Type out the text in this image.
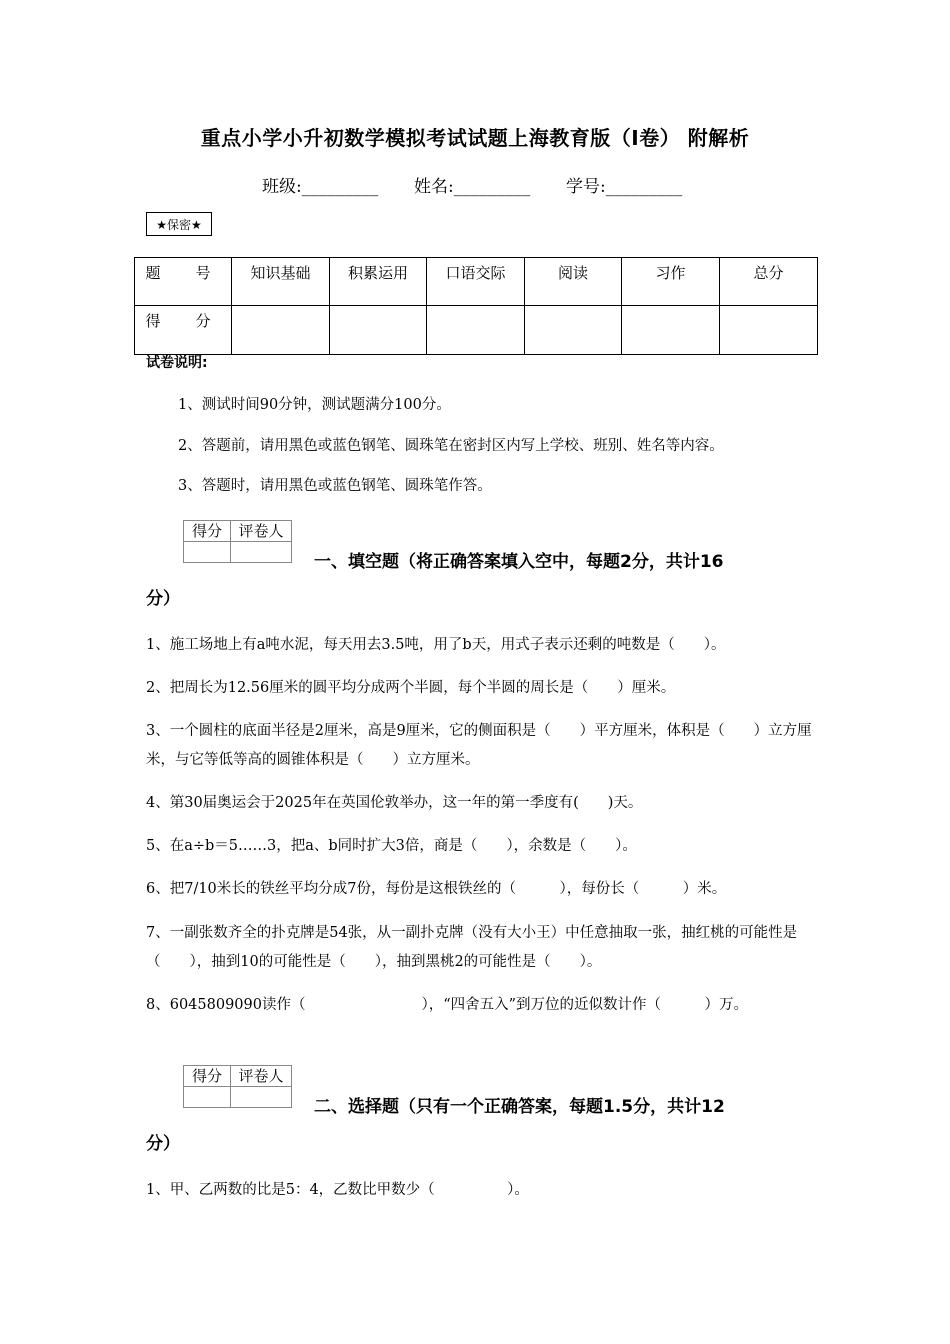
重点小学小升初数学模拟考试试题上海教育版（I卷） 附解析
班级:_________ 姓名:_________ 学号:_________
★保密★
题　号	知识基础	积累运用	口语交际	阅读	习作	总分
得　分						
试卷说明:
1、测试时间90分钟，测试题满分100分。
2、答题前，请用黑色或蓝色钢笔、圆珠笔在密封区内写上学校、班别、姓名等内容。
3、答题时，请用黑色或蓝色钢笔、圆珠笔作答。
得分	评卷人

一、填空题（将正确答案填入空中，每题2分，共计16
分）
1、施工场地上有a吨水泥，每天用去3.5吨，用了b天，用式子表示还剩的吨数是（　　）。
2、把周长为12.56厘米的圆平均分成两个半圆，每个半圆的周长是（　　）厘米。
3、一个圆柱的底面半径是2厘米，高是9厘米，它的侧面积是（　　）平方厘米，体积是（　　）立方厘米，与它等低等高的圆锥体积是（　　）立方厘米。
4、第30届奥运会于2025年在英国伦敦举办，这一年的第一季度有(　　)天。
5、在a÷b＝5……3，把a、b同时扩大3倍，商是（　　），余数是（　　）。
6、把7/10米长的铁丝平均分成7份，每份是这根铁丝的（　　　），每份长（　　　）米。
7、一副张数齐全的扑克牌是54张，从一副扑克牌（没有大小王）中任意抽取一张，抽红桃的可能性是（　　），抽到10的可能性是（　　），抽到黑桃2的可能性是（　　）。
8、6045809090读作（　　　　　　　　），“四舍五入”到万位的近似数计作（　　　）万。
得分	评卷人

二、选择题（只有一个正确答案，每题1.5分，共计12
分）
1、甲、乙两数的比是5：4，乙数比甲数少（　　　　　）。
